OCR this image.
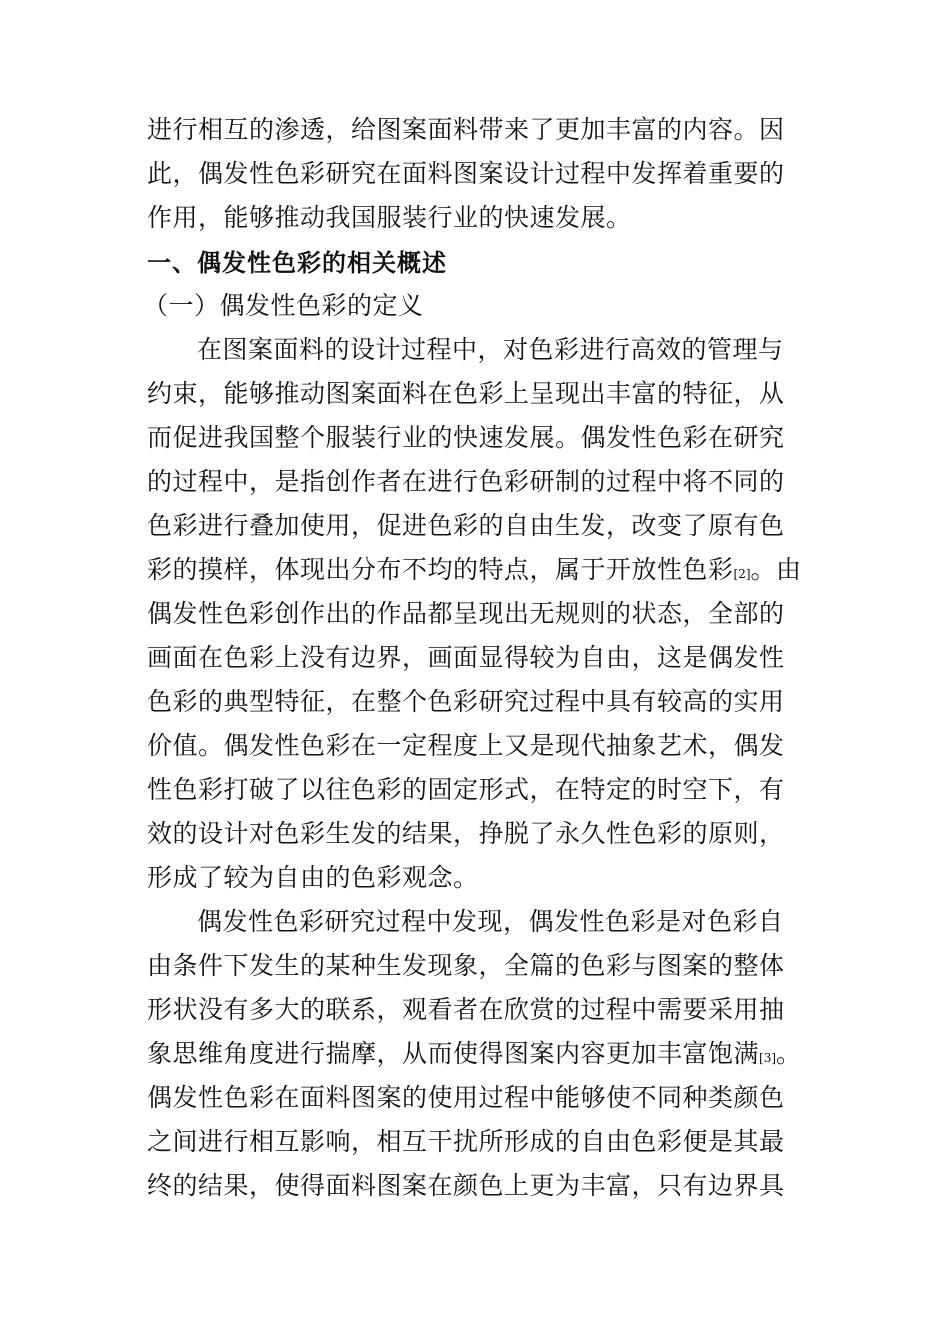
进行相互的渗透，给图案面料带来了更加丰富的内容。因
此，偶发性色彩研究在面料图案设计过程中发挥着重要的
作用，能够推动我国服装行业的快速发展。
一、偶发性色彩的相关概述
（一）偶发性色彩的定义
在图案面料的设计过程中，对色彩进行高效的管理与
约束，能够推动图案面料在色彩上呈现出丰富的特征，从
而促进我国整个服装行业的快速发展。偶发性色彩在研究
的过程中，是指创作者在进行色彩研制的过程中将不同的
色彩进行叠加使用，促进色彩的自由生发，改变了原有色
彩的摸样，体现出分布不均的特点，属于开放性色彩[2]。由
偶发性色彩创作出的作品都呈现出无规则的状态，全部的
画面在色彩上没有边界，画面显得较为自由，这是偶发性
色彩的典型特征，在整个色彩研究过程中具有较高的实用
价值。偶发性色彩在一定程度上又是现代抽象艺术，偶发
性色彩打破了以往色彩的固定形式，在特定的时空下，有
效的设计对色彩生发的结果，挣脱了永久性色彩的原则，
形成了较为自由的色彩观念。
偶发性色彩研究过程中发现，偶发性色彩是对色彩自
由条件下发生的某种生发现象，全篇的色彩与图案的整体
形状没有多大的联系，观看者在欣赏的过程中需要采用抽
象思维角度进行揣摩，从而使得图案内容更加丰富饱满[3]。
偶发性色彩在面料图案的使用过程中能够使不同种类颜色
之间进行相互影响，相互干扰所形成的自由色彩便是其最
终的结果，使得面料图案在颜色上更为丰富，只有边界具
